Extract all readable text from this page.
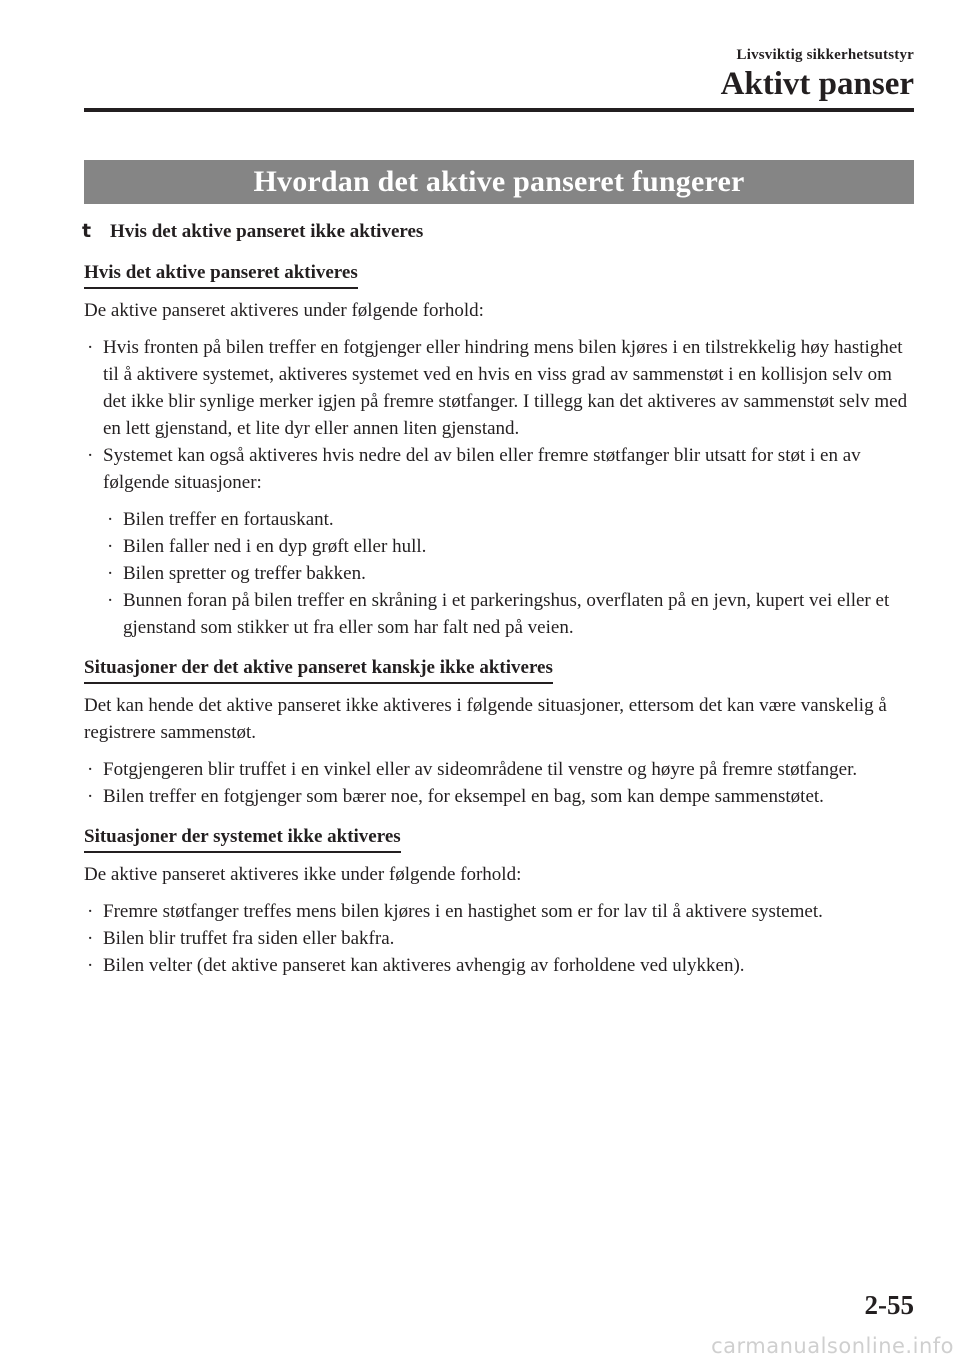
Livsviktig sikkerhetsutstyr
Aktivt panser
Hvordan det aktive panseret fungerer
t Hvis det aktive panseret ikke aktiveres
Hvis det aktive panseret aktiveres

De aktive panseret aktiveres under følgende forhold:

· Hvis fronten på bilen treffer en fotgjenger eller hindring mens bilen kjøres i en tilstrekkelig høy hastighet til å aktivere systemet, aktiveres systemet ved en hvis en viss grad av sammenstøt i en kollisjon selv om det ikke blir synlige merker igjen på fremre støtfanger. I tillegg kan det aktiveres av sammenstøt selv med en lett gjenstand, et lite dyr eller annen liten gjenstand.
· Systemet kan også aktiveres hvis nedre del av bilen eller fremre støtfanger blir utsatt for støt i en av følgende situasjoner:
· Bilen treffer en fortauskant.
· Bilen faller ned i en dyp grøft eller hull.
· Bilen spretter og treffer bakken.
· Bunnen foran på bilen treffer en skråning i et parkeringshus, overflaten på en jevn, kupert vei eller et gjenstand som stikker ut fra eller som har falt ned på veien.
Situasjoner der det aktive panseret kanskje ikke aktiveres

Det kan hende det aktive panseret ikke aktiveres i følgende situasjoner, ettersom det kan være vanskelig å registrere sammenstøt.

· Fotgjengeren blir truffet i en vinkel eller av sideområdene til venstre og høyre på fremre støtfanger.
· Bilen treffer en fotgjenger som bærer noe, for eksempel en bag, som kan dempe sammenstøtet.
Situasjoner der systemet ikke aktiveres

De aktive panseret aktiveres ikke under følgende forhold:

· Fremre støtfanger treffes mens bilen kjøres i en hastighet som er for lav til å aktivere systemet.
· Bilen blir truffet fra siden eller bakfra.
· Bilen velter (det aktive panseret kan aktiveres avhengig av forholdene ved ulykken).
2-55
carmanualsonline.info
